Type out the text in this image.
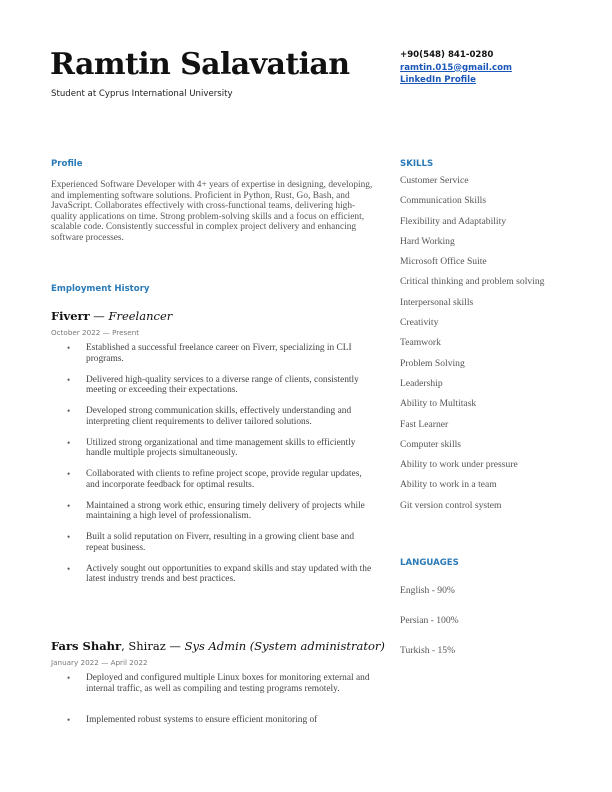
Ramtin Salavatian
Student at Cyprus International University
+90(548) 841-0280
ramtin.015@gmail.com
LinkedIn Profile
Profile

Experienced Software Developer with 4+ years of expertise in designing, developing, and implementing software solutions. Proficient in Python, Rust, Go, Bash, and JavaScript. Collaborates effectively with cross-functional teams, delivering high-quality applications on time. Strong problem-solving skills and a focus on efficient, scalable code. Consistently successful in complex project delivery and enhancing software processes.

Employment History
Fiverr — Freelancer
October 2022 — Present
• Established a successful freelance career on Fiverr, specializing in CLI programs.
• Delivered high-quality services to a diverse range of clients, consistently meeting or exceeding their expectations.
• Developed strong communication skills, effectively understanding and interpreting client requirements to deliver tailored solutions.
• Utilized strong organizational and time management skills to efficiently handle multiple projects simultaneously.
• Collaborated with clients to refine project scope, provide regular updates, and incorporate feedback for optimal results.
• Maintained a strong work ethic, ensuring timely delivery of projects while maintaining a high level of professionalism.
• Built a solid reputation on Fiverr, resulting in a growing client base and repeat business.
• Actively sought out opportunities to expand skills and stay updated with the latest industry trends and best practices.
Fars Shahr, Shiraz — Sys Admin (System administrator)
January 2022 — April 2022
• Deployed and configured multiple Linux boxes for monitoring external and internal traffic, as well as compiling and testing programs remotely.
• Implemented robust systems to ensure efficient monitoring of
SKILLS
Customer Service
Communication Skills
Flexibility and Adaptability
Hard Working
Microsoft Office Suite
Critical thinking and problem solving
Interpersonal skills
Creativity
Teamwork
Problem Solving
Leadership
Ability to Multitask
Fast Learner
Computer skills
Ability to work under pressure
Ability to work in a team
Git version control system
LANGUAGES
English - 90%
Persian - 100%
Turkish - 15%
